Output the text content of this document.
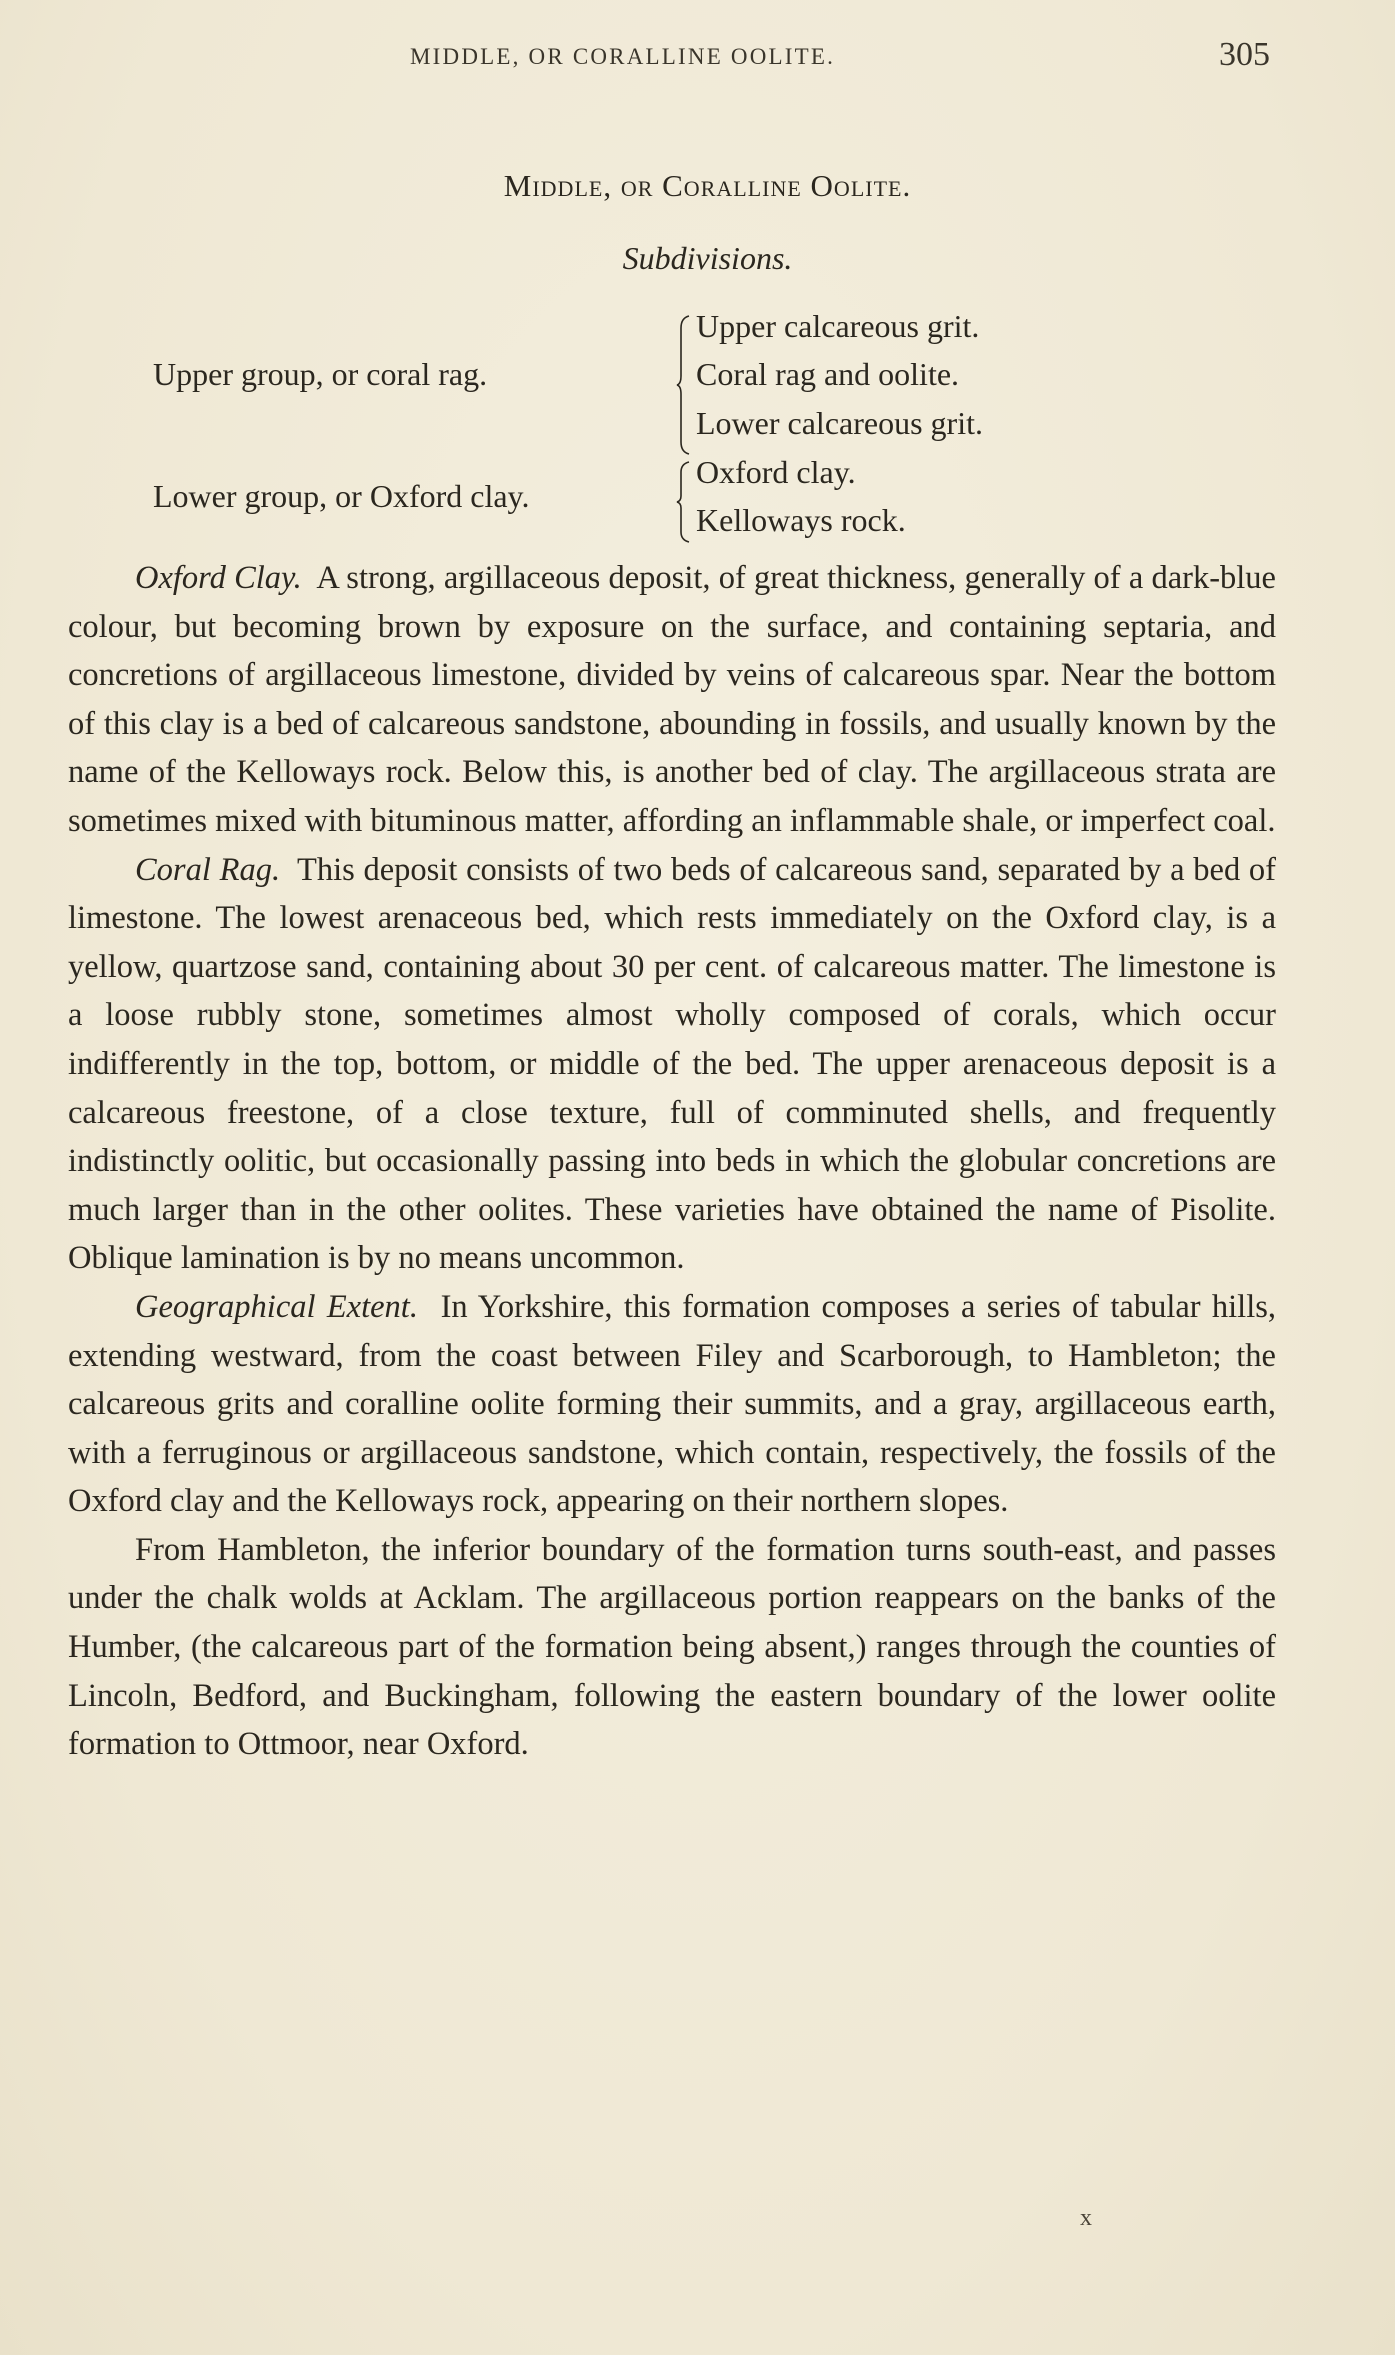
MIDDLE, OR CORALLINE OOLITE.	305
Middle, or Coralline Oolite.
Subdivisions.
Upper group, or coral rag.
Upper calcareous grit.
Coral rag and oolite.
Lower calcareous grit.
Lower group, or Oxford clay.
Oxford clay.
Kelloways rock.

Oxford Clay. A strong, argillaceous deposit, of great thickness, generally of a dark-blue colour, but becoming brown by exposure on the surface, and containing septaria, and concretions of argillaceous limestone, divided by veins of calcareous spar. Near the bottom of this clay is a bed of calcareous sandstone, abounding in fossils, and usually known by the name of the Kelloways rock. Below this, is another bed of clay. The argillaceous strata are sometimes mixed with bituminous matter, affording an inflammable shale, or imperfect coal.

Coral Rag. This deposit consists of two beds of calcareous sand, separated by a bed of limestone. The lowest arenaceous bed, which rests immediately on the Oxford clay, is a yellow, quartzose sand, containing about 30 per cent. of calcareous matter. The limestone is a loose rubbly stone, sometimes almost wholly composed of corals, which occur indifferently in the top, bottom, or middle of the bed. The upper arenaceous deposit is a calcareous freestone, of a close texture, full of comminuted shells, and frequently indistinctly oolitic, but occasionally passing into beds in which the globular concretions are much larger than in the other oolites. These varieties have obtained the name of Pisolite. Oblique lamination is by no means uncommon.

Geographical Extent. In Yorkshire, this formation composes a series of tabular hills, extending westward, from the coast between Filey and Scarborough, to Hambleton; the calcareous grits and coralline oolite forming their summits, and a gray, argillaceous earth, with a ferruginous or argillaceous sandstone, which contain, respectively, the fossils of the Oxford clay and the Kelloways rock, appearing on their northern slopes.

From Hambleton, the inferior boundary of the formation turns south-east, and passes under the chalk wolds at Acklam. The argillaceous portion reappears on the banks of the Humber, (the calcareous part of the formation being absent,) ranges through the counties of Lincoln, Bedford, and Buckingham, following the eastern boundary of the lower oolite formation to Ottmoor, near Oxford.

x
